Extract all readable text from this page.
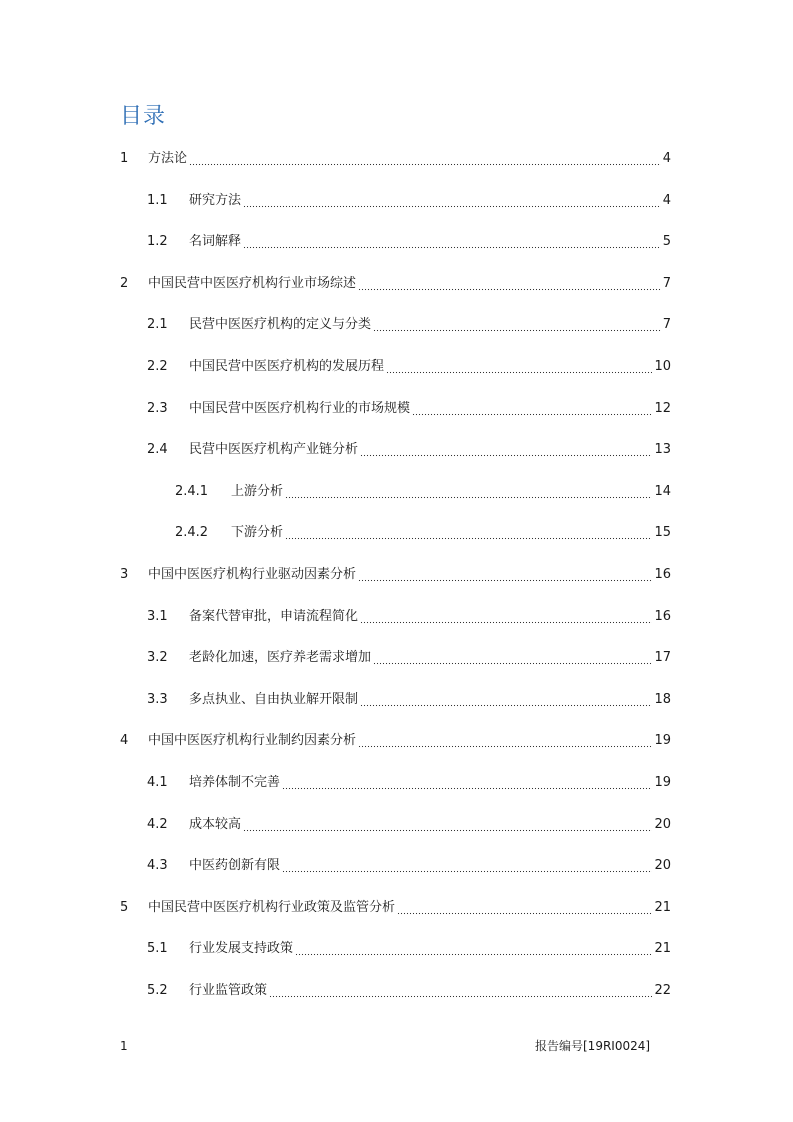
目录
1 方法论	4
1.1 研究方法	4
1.2 名词解释	5
2 中国民营中医医疗机构行业市场综述	7
2.1 民营中医医疗机构的定义与分类	7
2.2 中国民营中医医疗机构的发展历程	10
2.3 中国民营中医医疗机构行业的市场规模	12
2.4 民营中医医疗机构产业链分析	13
2.4.1 上游分析	14
2.4.2 下游分析	15
3 中国中医医疗机构行业驱动因素分析	16
3.1 备案代替审批，申请流程简化	16
3.2 老龄化加速，医疗养老需求增加	17
3.3 多点执业、自由执业解开限制	18
4 中国中医医疗机构行业制约因素分析	19
4.1 培养体制不完善	19
4.2 成本较高	20
4.3 中医药创新有限	20
5 中国民营中医医疗机构行业政策及监管分析	21
5.1 行业发展支持政策	21
5.2 行业监管政策	22
1	报告编号[19RI0024]
